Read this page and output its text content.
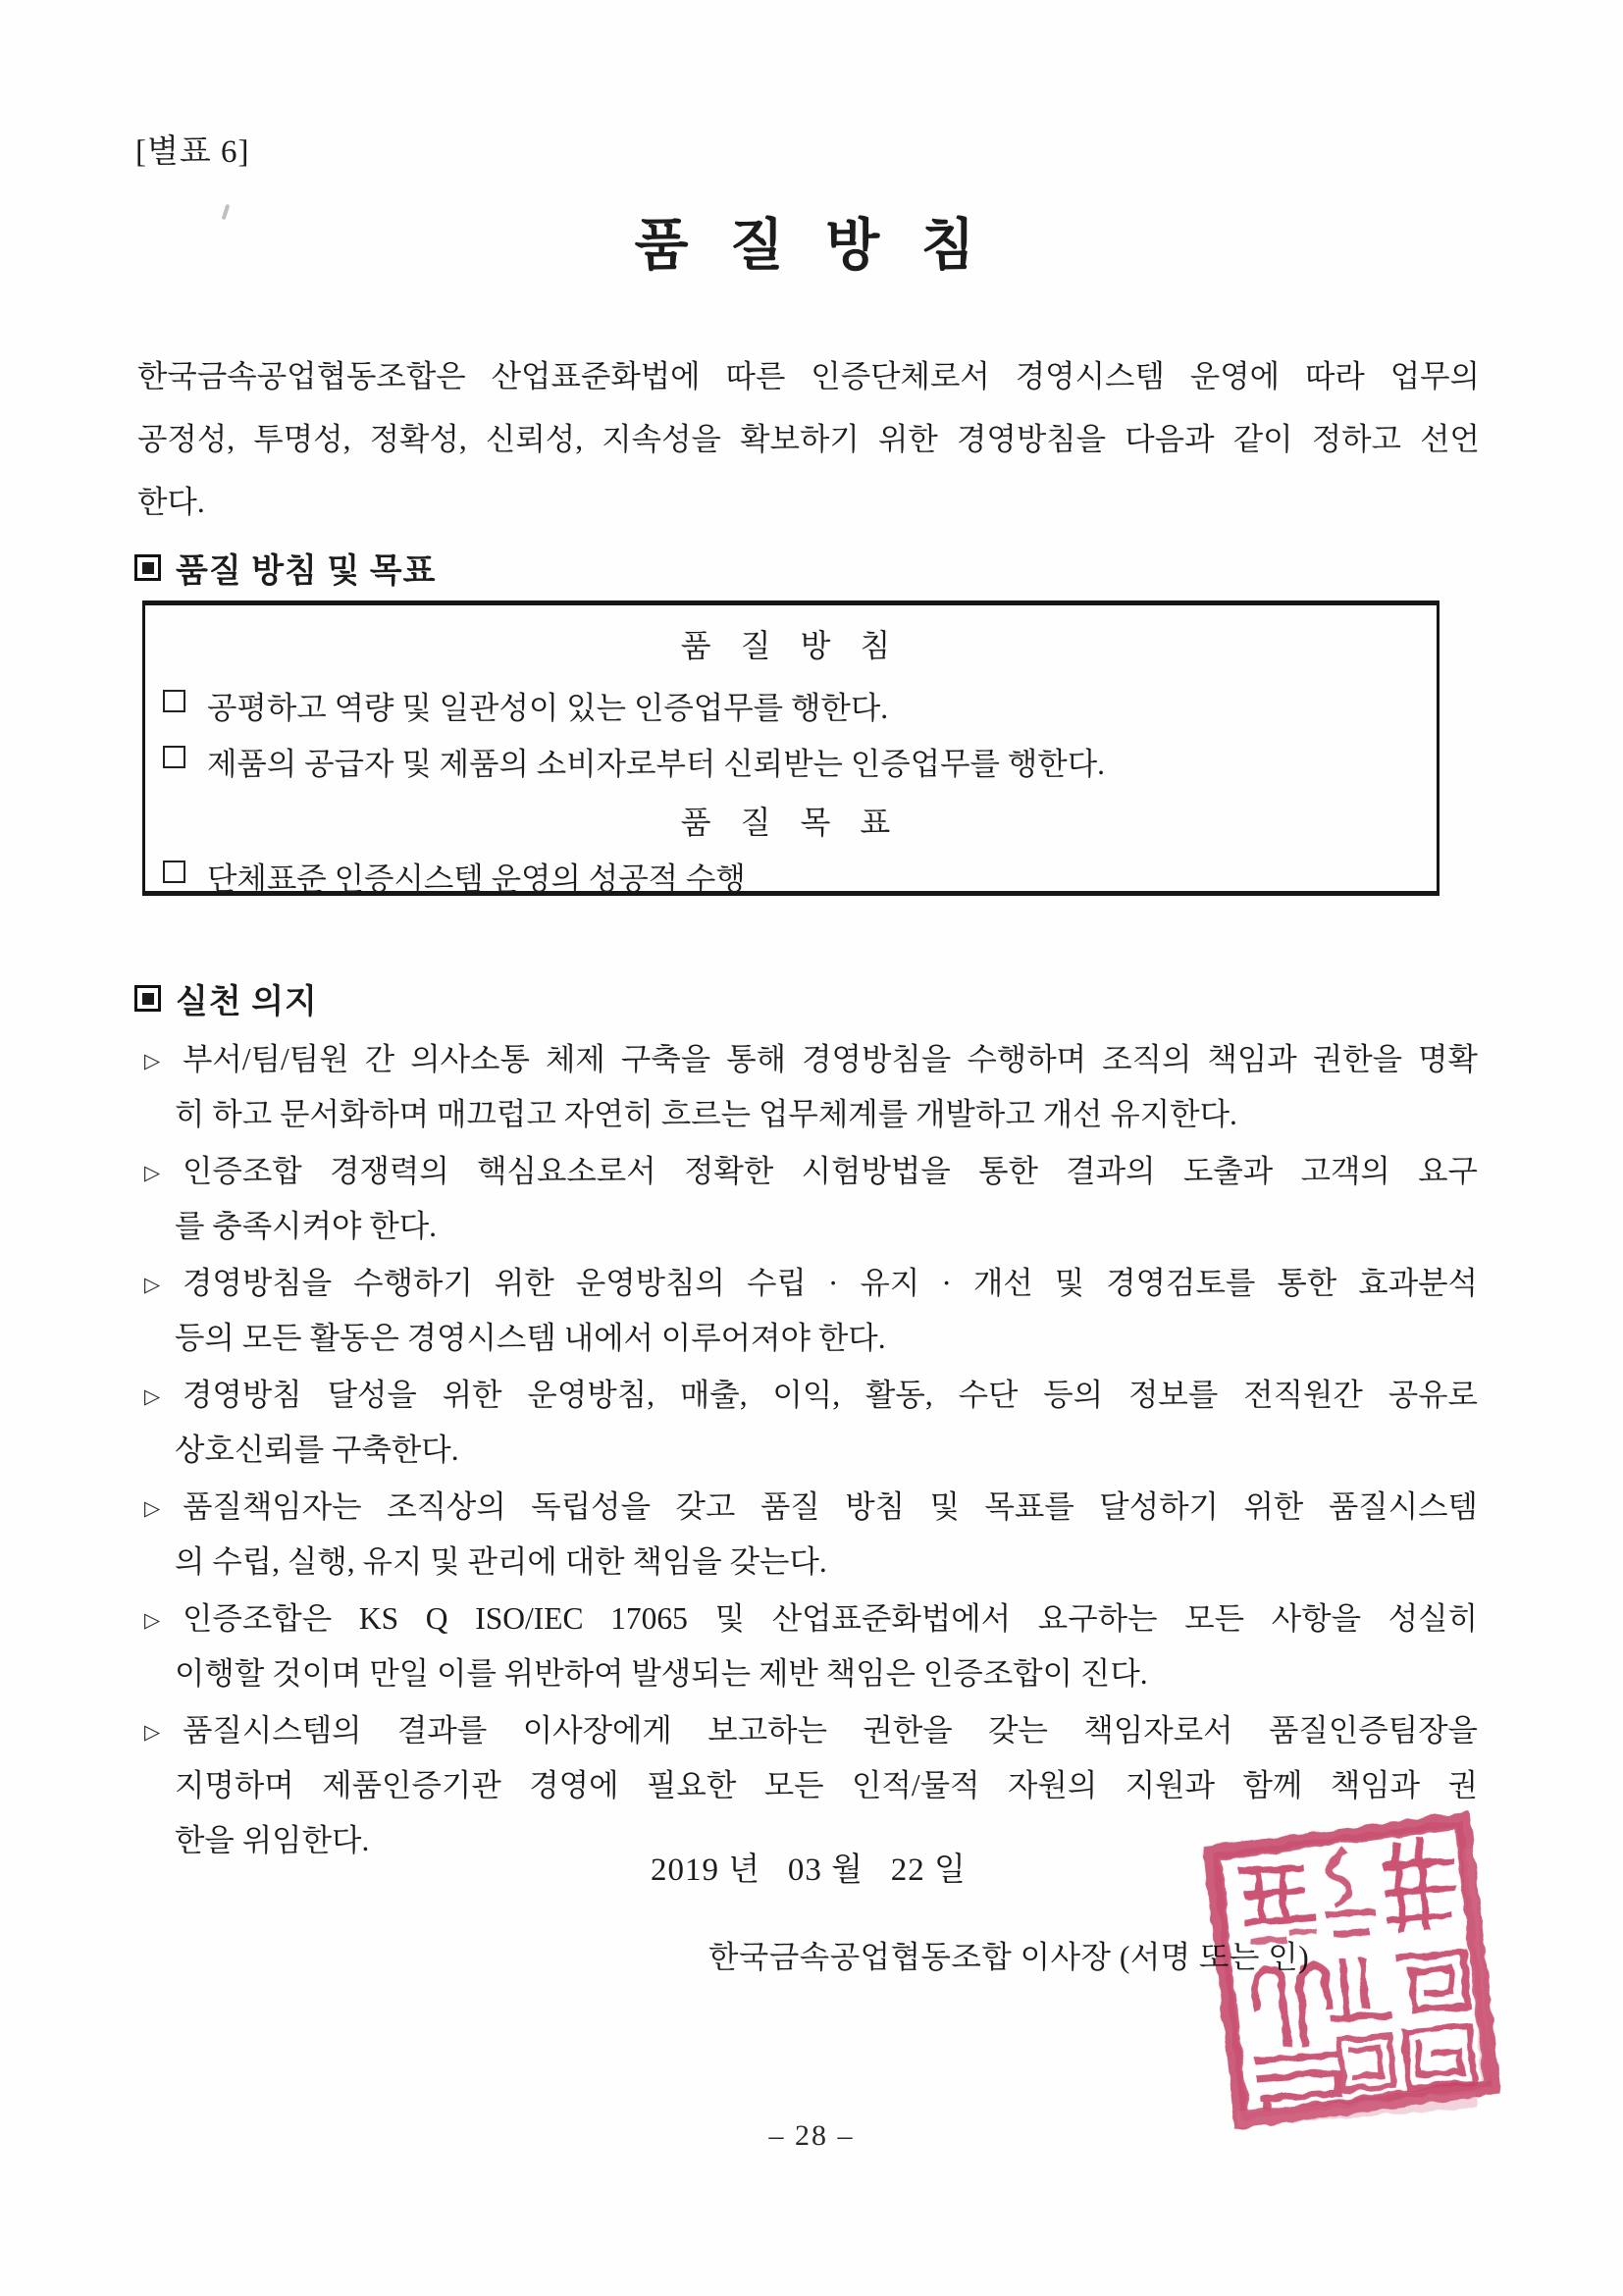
[별표 6]
품 질 방 침
한국금속공업협동조합은 산업표준화법에 따른 인증단체로서 경영시스템 운영에 따라 업무의
공정성, 투명성, 정확성, 신뢰성, 지속성을 확보하기 위한 경영방침을 다음과 같이 정하고 선언
한다.
품질 방침 및 목표
품 질 방 침
공평하고 역량 및 일관성이 있는 인증업무를 행한다.
제품의 공급자 및 제품의 소비자로부터 신뢰받는 인증업무를 행한다.
품 질 목 표
단체표준 인증시스템 운영의 성공적 수행
실천 의지
▷ 부서/팀/팀원 간 의사소통 체제 구축을 통해 경영방침을 수행하며 조직의 책임과 권한을 명확
히 하고 문서화하며 매끄럽고 자연히 흐르는 업무체계를 개발하고 개선 유지한다.
▷ 인증조합 경쟁력의 핵심요소로서 정확한 시험방법을 통한 결과의 도출과 고객의 요구
를 충족시켜야 한다.
▷ 경영방침을 수행하기 위한 운영방침의 수립 · 유지 · 개선 및 경영검토를 통한 효과분석
등의 모든 활동은 경영시스템 내에서 이루어져야 한다.
▷ 경영방침 달성을 위한 운영방침, 매출, 이익, 활동, 수단 등의 정보를 전직원간 공유로
상호신뢰를 구축한다.
▷ 품질책임자는 조직상의 독립성을 갖고 품질 방침 및 목표를 달성하기 위한 품질시스템
의 수립, 실행, 유지 및 관리에 대한 책임을 갖는다.
▷ 인증조합은 KS Q ISO/IEC 17065 및 산업표준화법에서 요구하는 모든 사항을 성실히
이행할 것이며 만일 이를 위반하여 발생되는 제반 책임은 인증조합이 진다.
▷ 품질시스템의 결과를 이사장에게 보고하는 권한을 갖는 책임자로서 품질인증팀장을
지명하며 제품인증기관 경영에 필요한 모든 인적/물적 자원의 지원과 함께 책임과 권
한을 위임한다.
2019 년   03 월   22 일
한국금속공업협동조합 이사장 (서명 또는 인)
– 28 –
